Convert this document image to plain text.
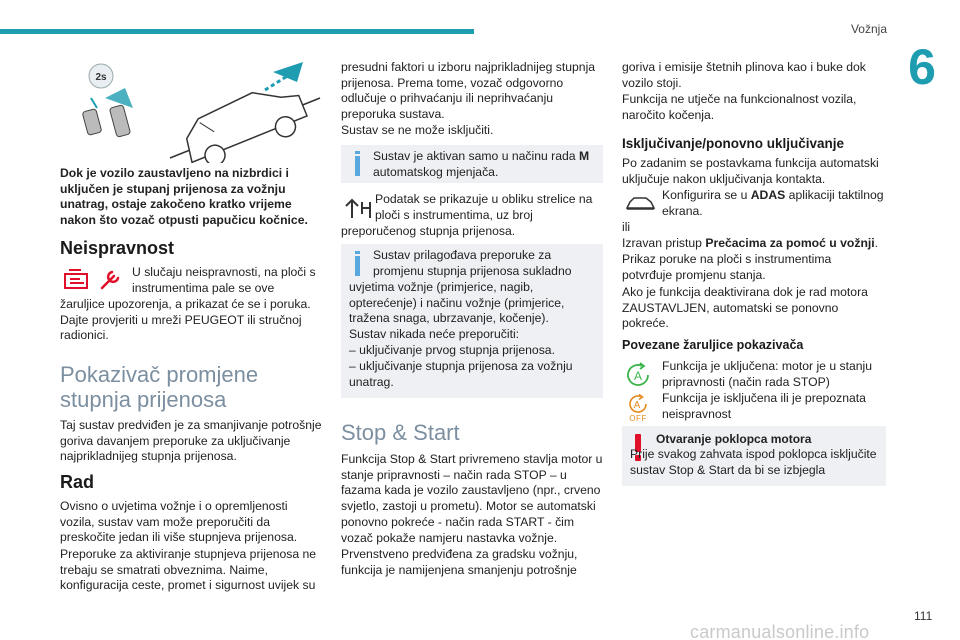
Vožnja
6
2s

Dok je vozilo zaustavljeno na nizbrdici i uključen je stupanj prijenosa za vožnju unatrag, ostaje zakočeno kratko vrijeme nakon što vozač otpusti papučicu kočnice.

Neispravnost

U slučaju neispravnosti, na ploči s instrumentima pale se ove

žaruljice upozorenja, a prikazat će se i poruka. Dajte provjeriti u mreži PEUGEOT ili stručnoj radionici.

Pokazivač promjene
stupnja prijenosa

Taj sustav predviđen je za smanjivanje potrošnje goriva davanjem preporuke za uključivanje najprikladnijeg stupnja prijenosa.

Rad

Ovisno o uvjetima vožnje i o opremljenosti vozila, sustav vam može preporučiti da preskočite jedan ili više stupnjeva prijenosa.

Preporuke za aktiviranje stupnjeva prijenosa ne trebaju se smatrati obveznima. Naime, konfiguracija ceste, promet i sigurnost uvijek su

presudni faktori u izboru najprikladnijeg stupnja prijenosa. Prema tome, vozač odgovorno odlučuje o prihvaćanju ili neprihvaćanju preporuka sustava.

Sustav se ne može isključiti.

Sustav je aktivan samo u načinu rada M
automatskog mjenjača.

Podatak se prikazuje u obliku strelice na ploči s instrumentima, uz broj

preporučenog stupnja prijenosa.

Sustav prilagođava preporuke za promjenu stupnja prijenosa sukladno

uvjetima vožnje (primjerice, nagib, opterećenje) i načinu vožnje (primjerice, tražena snaga, ubrzavanje, kočenje).

Sustav nikada neće preporučiti:

– uključivanje prvog stupnja prijenosa.

– uključivanje stupnja prijenosa za vožnju unatrag.

Stop & Start

Funkcija Stop & Start privremeno stavlja motor u stanje pripravnosti – način rada STOP – u fazama kada je vozilo zaustavljeno (npr., crveno svjetlo, zastoji u prometu). Motor se automatski ponovno pokreće - način rada START - čim vozač pokaže namjeru nastavka vožnje.

Prvenstveno predviđena za gradsku vožnju, funkcija je namijenjena smanjenju potrošnje

goriva i emisije štetnih plinova kao i buke dok vozilo stoji.

Funkcija ne utječe na funkcionalnost vozila, naročito kočenja.

Isključivanje/ponovno uključivanje

Po zadanim se postavkama funkcija automatski uključuje nakon uključivanja kontakta.

Konfigurira se u ADAS aplikaciji taktilnog ekrana.

ili

Izravan pristup Prečacima za pomoć u vožnji.

Prikaz poruke na ploči s instrumentima potvrđuje promjenu stanja.

Ako je funkcija deaktivirana dok je rad motora ZAUSTAVLJEN, automatski se ponovno pokreće.

Povezane žaruljice pokazivača
A

Funkcija je uključena: motor je u stanju pripravnosti (način rada STOP)

A
OFF

Funkcija je isključena ili je prepoznata neispravnost

Otvaranje poklopca motora

Prije svakog zahvata ispod poklopca isključite sustav Stop & Start da bi se izbjegla

carmanualsonline.info
111
